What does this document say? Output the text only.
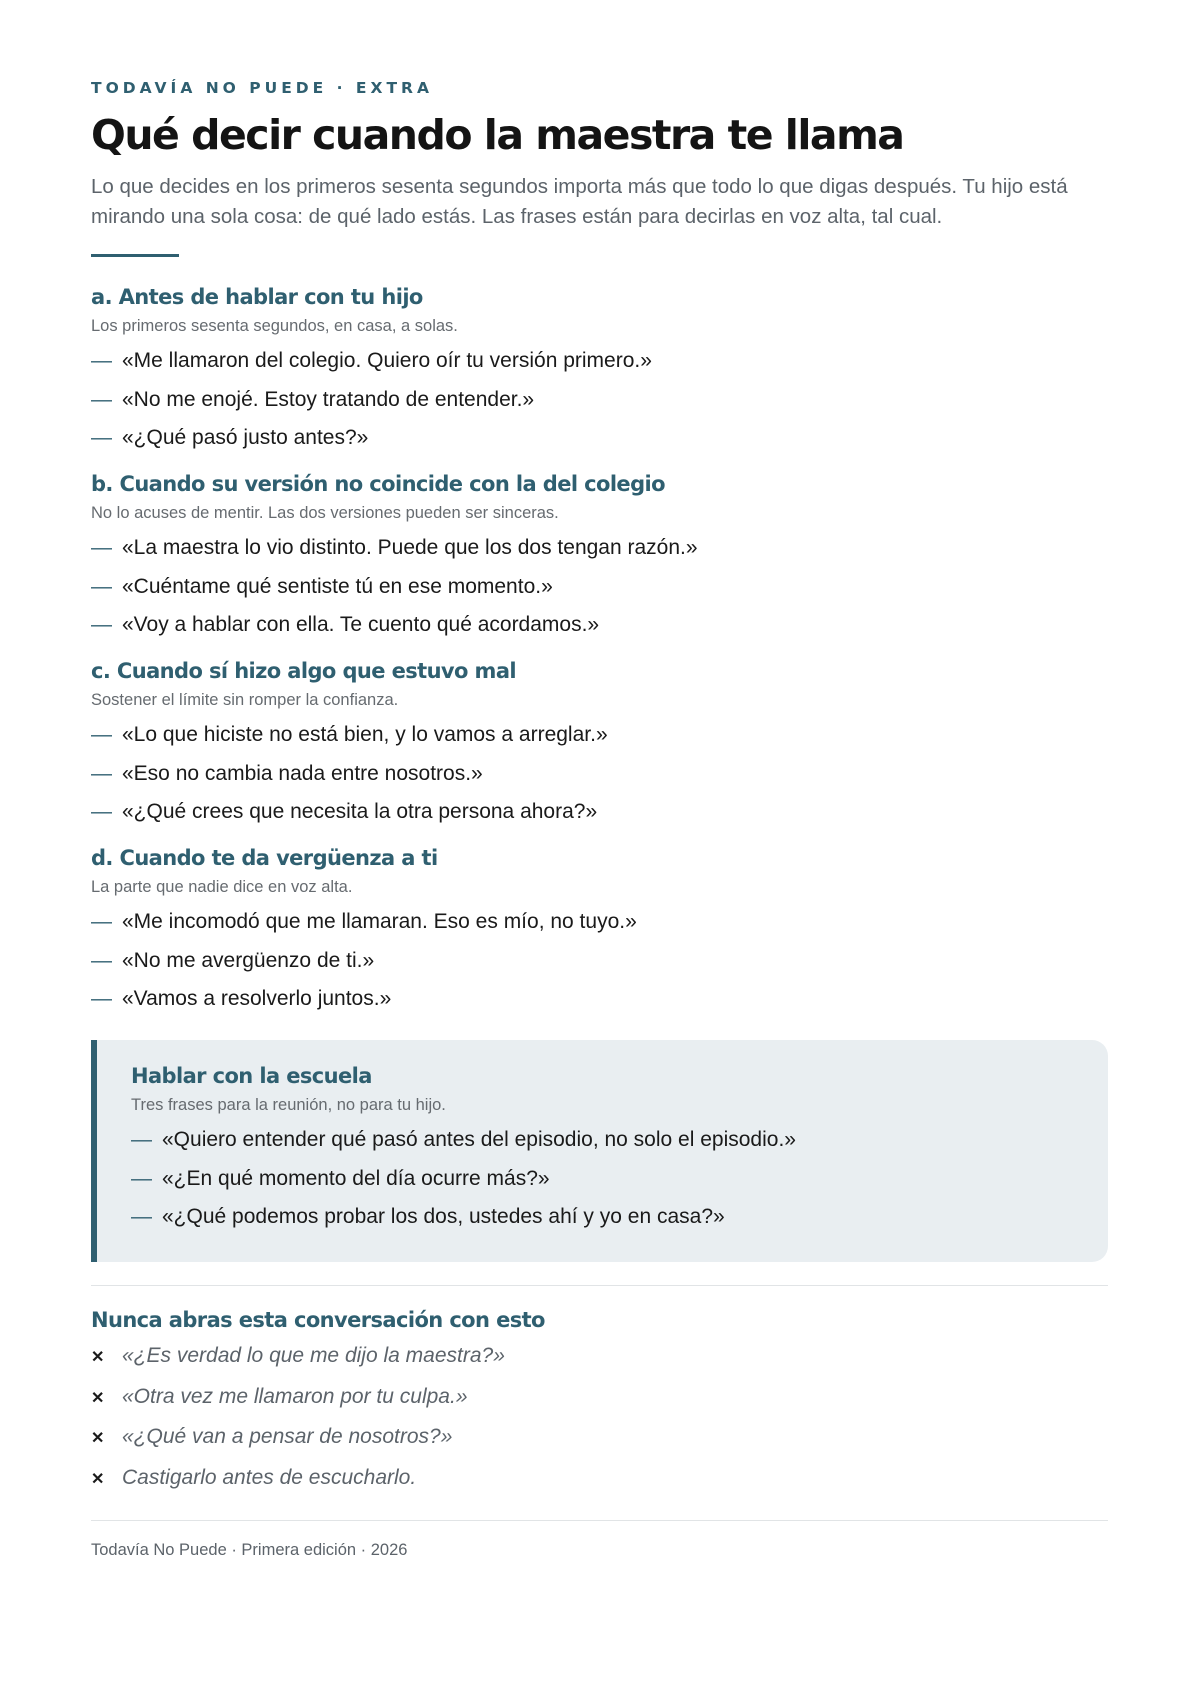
TODAVÍA NO PUEDE · EXTRA
Qué decir cuando la maestra te llama
Lo que decides en los primeros sesenta segundos importa más que todo lo que digas después. Tu hijo está mirando una sola cosa: de qué lado estás. Las frases están para decirlas en voz alta, tal cual.
a. Antes de hablar con tu hijo
Los primeros sesenta segundos, en casa, a solas.
— «Me llamaron del colegio. Quiero oír tu versión primero.»
— «No me enojé. Estoy tratando de entender.»
— «¿Qué pasó justo antes?»
b. Cuando su versión no coincide con la del colegio
No lo acuses de mentir. Las dos versiones pueden ser sinceras.
— «La maestra lo vio distinto. Puede que los dos tengan razón.»
— «Cuéntame qué sentiste tú en ese momento.»
— «Voy a hablar con ella. Te cuento qué acordamos.»
c. Cuando sí hizo algo que estuvo mal
Sostener el límite sin romper la confianza.
— «Lo que hiciste no está bien, y lo vamos a arreglar.»
— «Eso no cambia nada entre nosotros.»
— «¿Qué crees que necesita la otra persona ahora?»
d. Cuando te da vergüenza a ti
La parte que nadie dice en voz alta.
— «Me incomodó que me llamaran. Eso es mío, no tuyo.»
— «No me avergüenzo de ti.»
— «Vamos a resolverlo juntos.»
Hablar con la escuela
Tres frases para la reunión, no para tu hijo.
— «Quiero entender qué pasó antes del episodio, no solo el episodio.»
— «¿En qué momento del día ocurre más?»
— «¿Qué podemos probar los dos, ustedes ahí y yo en casa?»
Nunca abras esta conversación con esto
✕ «¿Es verdad lo que me dijo la maestra?»
✕ «Otra vez me llamaron por tu culpa.»
✕ «¿Qué van a pensar de nosotros?»
✕ Castigarlo antes de escucharlo.
Todavía No Puede · Primera edición · 2026
